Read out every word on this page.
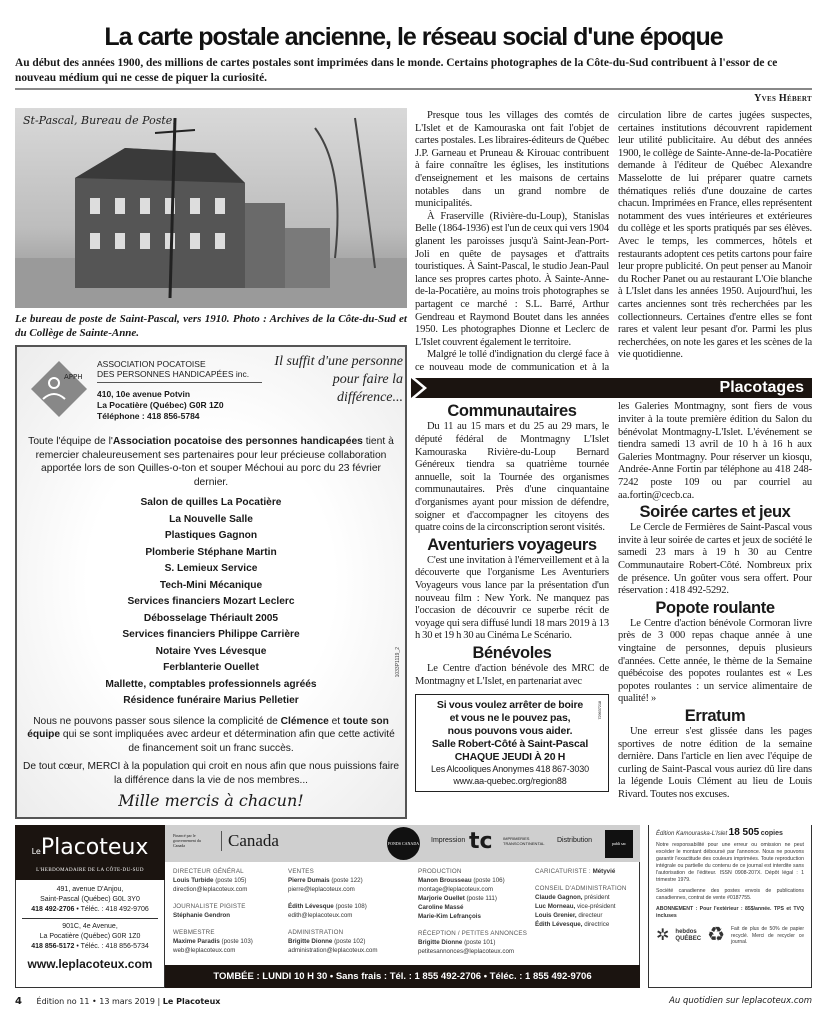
La carte postale ancienne, le réseau social d'une époque
Au début des années 1900, des millions de cartes postales sont imprimées dans le monde. Certains photographes de la Côte-du-Sud contribuent à l'essor de ce nouveau médium qui ne cesse de piquer la curiosité.
Yves Hébert
St-Pascal, Bureau de Poste.
Le bureau de poste de Saint-Pascal, vers 1910. Photo : Archives de la Côte-du-Sud et du Collège de Sainte-Anne.

Presque tous les villages des comtés de L'Islet et de Kamouraska ont fait l'objet de cartes postales. Les libraires-éditeurs de Québec J.P. Garneau et Pruneau & Kirouac contribuent à faire connaître les églises, les institutions d'enseignement et les maisons de certains notables dans un grand nombre de municipalités.

À Fraserville (Rivière-du-Loup), Stanislas Belle (1864-1936) est l'un de ceux qui vers 1904 glanent les paroisses jusqu'à Saint-Jean-Port-Joli en quête de paysages et d'attraits touristiques. À Saint-Pascal, le studio Jean-Paul lance ses propres cartes photo. À Sainte-Anne-de-la-Pocatière, au moins trois photographes se partagent ce marché : S.L. Barré, Arthur Gendreau et Raymond Boutet dans les années 1950. Les photographes Dionne et Leclerc de L'Islet couvrent également le territoire.

Malgré le tollé d'indignation du clergé face à ce nouveau mode de communication et à la circulation libre de cartes jugées suspectes, certaines institutions découvrent rapidement leur utilité publicitaire. Au début des années 1900, le collège de Sainte-Anne-de-la-Pocatière demande à l'éditeur de Québec Alexandre Masselotte de lui préparer quatre carnets thématiques reliés d'une douzaine de cartes chacun. Imprimées en France, elles représentent notamment des vues intérieures et extérieures du collège et les sports pratiqués par ses élèves. Avec le temps, les commerces, hôtels et restaurants adoptent ces petits cartons pour faire leur propre publicité. On peut penser au Manoir du Rocher Panet ou au restaurant L'Oie blanche à L'Islet dans les années 1950. Aujourd'hui, les cartes anciennes sont très recherchées par les collectionneurs. Certaines d'entre elles se font rares et valent leur pesant d'or. Parmi les plus recherchées, on note les gares et les scènes de la vie quotidienne.

Placotages
Communautaires

Du 11 au 15 mars et du 25 au 29 mars, le député fédéral de Montmagny L'Islet Kamouraska Rivière-du-Loup Bernard Généreux tiendra sa quatrième tournée annuelle, soit la Tournée des organismes communautaires. Près d'une cinquantaine d'organismes ayant pour mission de défendre, soigner et d'accompagner les citoyens des quatre coins de la circonscription seront visités.

Aventuriers voyageurs

C'est une invitation à l'émerveillement et à la découverte que l'organisme Les Aventuriers Voyageurs vous lance par la présentation d'un nouveau film : New York. Ne manquez pas l'occasion de découvrir ce superbe récit de voyage qui sera diffusé lundi 18 mars 2019 à 13 h 30 et 19 h 30 au Cinéma Le Scénario.

Bénévoles

Le Centre d'action bénévole des MRC de Montmagny et L'Islet, en partenariat avec

Si vous voulez arrêter de boire
et vous ne le pouvez pas,
nous pouvons vous aider.
Salle Robert-Côté à Saint-Pascal
CHAQUE JEUDI À 20 H
Les Alcooliques Anonymes 418 867-3030
www.aa-quebec.org/region88
729637218

les Galeries Montmagny, sont fiers de vous inviter à la toute première édition du Salon du bénévolat Montmagny-L'Islet. L'événement se tiendra samedi 13 avril de 10 h à 16 h aux Galeries Montmagny. Pour réserver un kiosqu, Andrée-Anne Fortin par téléphone au 418 248-7242 poste 109 ou par courriel au aa.fortin@cecb.ca.

Soirée cartes et jeux

Le Cercle de Fermières de Saint-Pascal vous invite à leur soirée de cartes et jeux de société le samedi 23 mars à 19 h 30 au Centre Communautaire Robert-Côté. Nombreux prix de présence. Un goûter vous sera offert. Pour réservation : 418 492-5292.

Popote roulante

Le Centre d'action bénévole Cormoran livre près de 3 000 repas chaque année à une vingtaine de personnes, depuis plusieurs d'années. Cette année, le thème de la Semaine québécoise des popotes roulantes est « Les popotes roulantes : un service alimentaire de qualité! »

Erratum

Une erreur s'est glissée dans les pages sportives de notre édition de la semaine dernière. Dans l'article en lien avec l'équipe de curling de Saint-Pascal vous auriez dû lire dans la légende Louis Clément au lieu de Louis Rivard. Toutes nos excuses.

APPH
ASSOCIATION POCATOISE
DES PERSONNES HANDICAPÉES inc.
410, 10e avenue Potvin
La Pocatière (Québec) G0R 1Z0
Téléphone : 418 856-5784
Il suffit d'une personne pour faire la différence...
Toute l'équipe de l'Association pocatoise des personnes handicapées tient à remercier chaleureusement ses partenaires pour leur précieuse collaboration apportée lors de son Quilles-o-ton et souper Méchoui au porc du 23 février dernier.
Salon de quilles La Pocatière
La Nouvelle Salle
Plastiques Gagnon
Plomberie Stéphane Martin
S. Lemieux Service
Tech-Mini Mécanique
Services financiers Mozart Leclerc
Débosselage Thériault 2005
Services financiers Philippe Carrière
Notaire Yves Lévesque
Ferblanterie Ouellet
Mallette, comptables professionnels agréés
Résidence funéraire Marius Pelletier
Nous ne pouvons passer sous silence la complicité de Clémence et toute son équipe qui se sont impliquées avec ardeur et détermination afin que cette activité de financement soit un franc succès.
De tout cœur, MERCI à la population qui croit en nous afin que nous puissions faire la différence dans la vie de nos membres...
Mille mercis à chacun!
1033P1119_2
LePlacoteux
L'HEBDOMADAIRE DE LA CÔTE-DU-SUD
491, avenue D'Anjou,
Saint-Pascal (Québec) G0L 3Y0
418 492-2706 • Téléc. : 418 492-9706
901C, 4e Avenue,
La Pocatière (Québec) G0R 1Z0
418 856-5172 • Téléc. : 418 856-5734
www.leplacoteux.com
Financé par le gouvernement du Canada	Canada	FONDS CANADA Impression tc	IMPRIMERIES TRANSCONTINENTAL	Distribution	publi sac
DIRECTEUR GÉNÉRAL
Louis Turbide (poste 105)
direction@leplacoteux.com
JOURNALISTE PIGISTE
Stéphanie Gendron
WEBMESTRE
Maxime Paradis (poste 103)
web@leplacoteux.com
VENTES
Pierre Dumais (poste 122)
pierre@leplacoteux.com
Édith Lévesque (poste 108)
edith@leplacoteux.com
ADMINISTRATION
Brigitte Dionne (poste 102)
administration@leplacoteux.com
PRODUCTION
Manon Brousseau (poste 106)
montage@leplacoteux.com
Marjorie Ouellet (poste 111)
Caroline Massé
Marie-Kim Lefrançois
RÉCEPTION / PETITES ANNONCES
Brigitte Dionne (poste 101)
petitesannonces@leplacoteux.com
CARICATURISTE : Métyvié
CONSEIL D'ADMINISTRATION
Claude Gagnon, président
Luc Morneau, vice-président
Louis Grenier, directeur
Édith Lévesque, directrice
TOMBÉE : LUNDI 10 H 30 • Sans frais : Tél. : 1 855 492-2706 • Téléc. : 1 855 492-9706
Édition Kamouraska-L'Islet 18 505 copies

Notre responsabilité pour une erreur ou omission ne peut excéder le montant déboursé par l'annonce. Nous ne pouvons garantir l'exactitude des couleurs imprimées. Toute reproduction intégrale ou partielle du contenu de ce journal est interdite sans l'autorisation de l'éditeur. ISSN 0908-207X. Dépôt légal : 1 trimestre 1979.

Société canadienne des postes envois de publications canadiennes, contrat de vente #0187755.

ABONNEMENT : Pour l'extérieur : 85$/année. TPS et TVQ incluses

✲ hebdos QUÉBEC ♻ Fait de plus de 50% de papier recyclé. Merci de recycler ce journal.
4 Édition no 11 • 13 mars 2019 | Le Placoteux	Au quotidien sur leplacoteux.com
